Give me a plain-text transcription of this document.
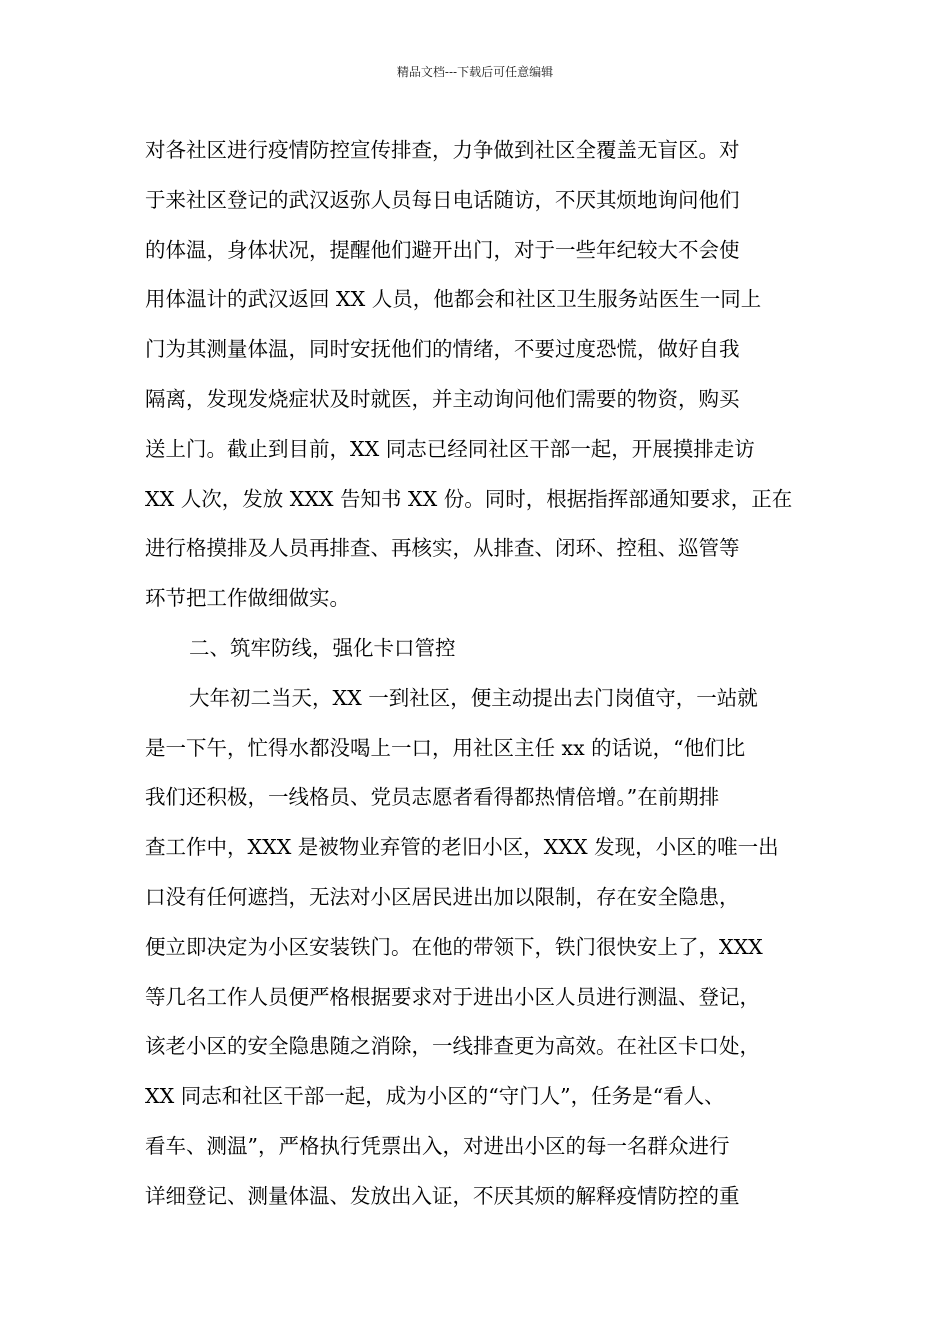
精品文档---下载后可任意编辑
对各社区进行疫情防控宣传排查，力争做到社区全覆盖无盲区。对
于来社区登记的武汉返弥人员每日电话随访，不厌其烦地询问他们
的体温，身体状况，提醒他们避开出门，对于一些年纪较大不会使
用体温计的武汉返回 XX 人员，他都会和社区卫生服务站医生一同上
门为其测量体温，同时安抚他们的情绪，不要过度恐慌，做好自我
隔离，发现发烧症状及时就医，并主动询问他们需要的物资，购买
送上门。截止到目前，XX 同志已经同社区干部一起，开展摸排走访
XX 人次，发放 XXX 告知书 XX 份。同时，根据指挥部通知要求，正在
进行格摸排及人员再排查、再核实，从排查、闭环、控租、巡管等
环节把工作做细做实。
二、筑牢防线，强化卡口管控
大年初二当天，XX 一到社区，便主动提出去门岗值守，一站就
是一下午，忙得水都没喝上一口，用社区主任 xx 的话说，“他们比
我们还积极，一线格员、党员志愿者看得都热情倍增。”在前期排
查工作中，XXX 是被物业弃管的老旧小区，XXX 发现，小区的唯一出
口没有任何遮挡，无法对小区居民进出加以限制，存在安全隐患，
便立即决定为小区安装铁门。在他的带领下，铁门很快安上了，XXX
等几名工作人员便严格根据要求对于进出小区人员进行测温、登记，
该老小区的安全隐患随之消除，一线排查更为高效。在社区卡口处，
XX 同志和社区干部一起，成为小区的“守门人”，任务是“看人、
看车、测温”，严格执行凭票出入，对进出小区的每一名群众进行
详细登记、测量体温、发放出入证，不厌其烦的解释疫情防控的重
